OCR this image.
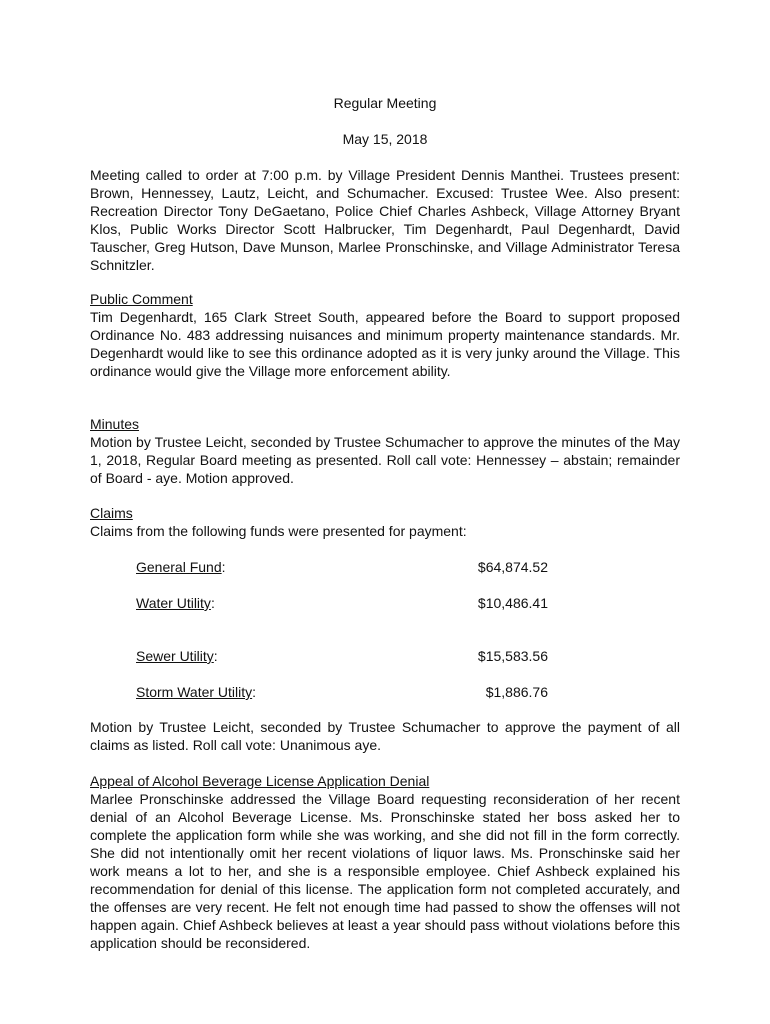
Regular Meeting
May 15, 2018

Meeting called to order at 7:00 p.m. by Village President Dennis Manthei. Trustees present: Brown, Hennessey, Lautz, Leicht, and Schumacher. Excused: Trustee Wee. Also present: Recreation Director Tony DeGaetano, Police Chief Charles Ashbeck, Village Attorney Bryant Klos, Public Works Director Scott Halbrucker, Tim Degenhardt, Paul Degenhardt, David Tauscher, Greg Hutson, Dave Munson, Marlee Pronschinske, and Village Administrator Teresa Schnitzler.

Public Comment

Tim Degenhardt, 165 Clark Street South, appeared before the Board to support proposed Ordinance No. 483 addressing nuisances and minimum property maintenance standards. Mr. Degenhardt would like to see this ordinance adopted as it is very junky around the Village. This ordinance would give the Village more enforcement ability.

Minutes

Motion by Trustee Leicht, seconded by Trustee Schumacher to approve the minutes of the May 1, 2018, Regular Board meeting as presented. Roll call vote: Hennessey – abstain; remainder of Board - aye. Motion approved.

Claims

Claims from the following funds were presented for payment:

General Fund:	$64,874.52
Water Utility:	$10,486.41
Sewer Utility:	$15,583.56
Storm Water Utility:	$1,886.76

Motion by Trustee Leicht, seconded by Trustee Schumacher to approve the payment of all claims as listed. Roll call vote: Unanimous aye.

Appeal of Alcohol Beverage License Application Denial

Marlee Pronschinske addressed the Village Board requesting reconsideration of her recent denial of an Alcohol Beverage License. Ms. Pronschinske stated her boss asked her to complete the application form while she was working, and she did not fill in the form correctly. She did not intentionally omit her recent violations of liquor laws. Ms. Pronschinske said her work means a lot to her, and she is a responsible employee. Chief Ashbeck explained his recommendation for denial of this license. The application form not completed accurately, and the offenses are very recent. He felt not enough time had passed to show the offenses will not happen again. Chief Ashbeck believes at least a year should pass without violations before this application should be reconsidered.
